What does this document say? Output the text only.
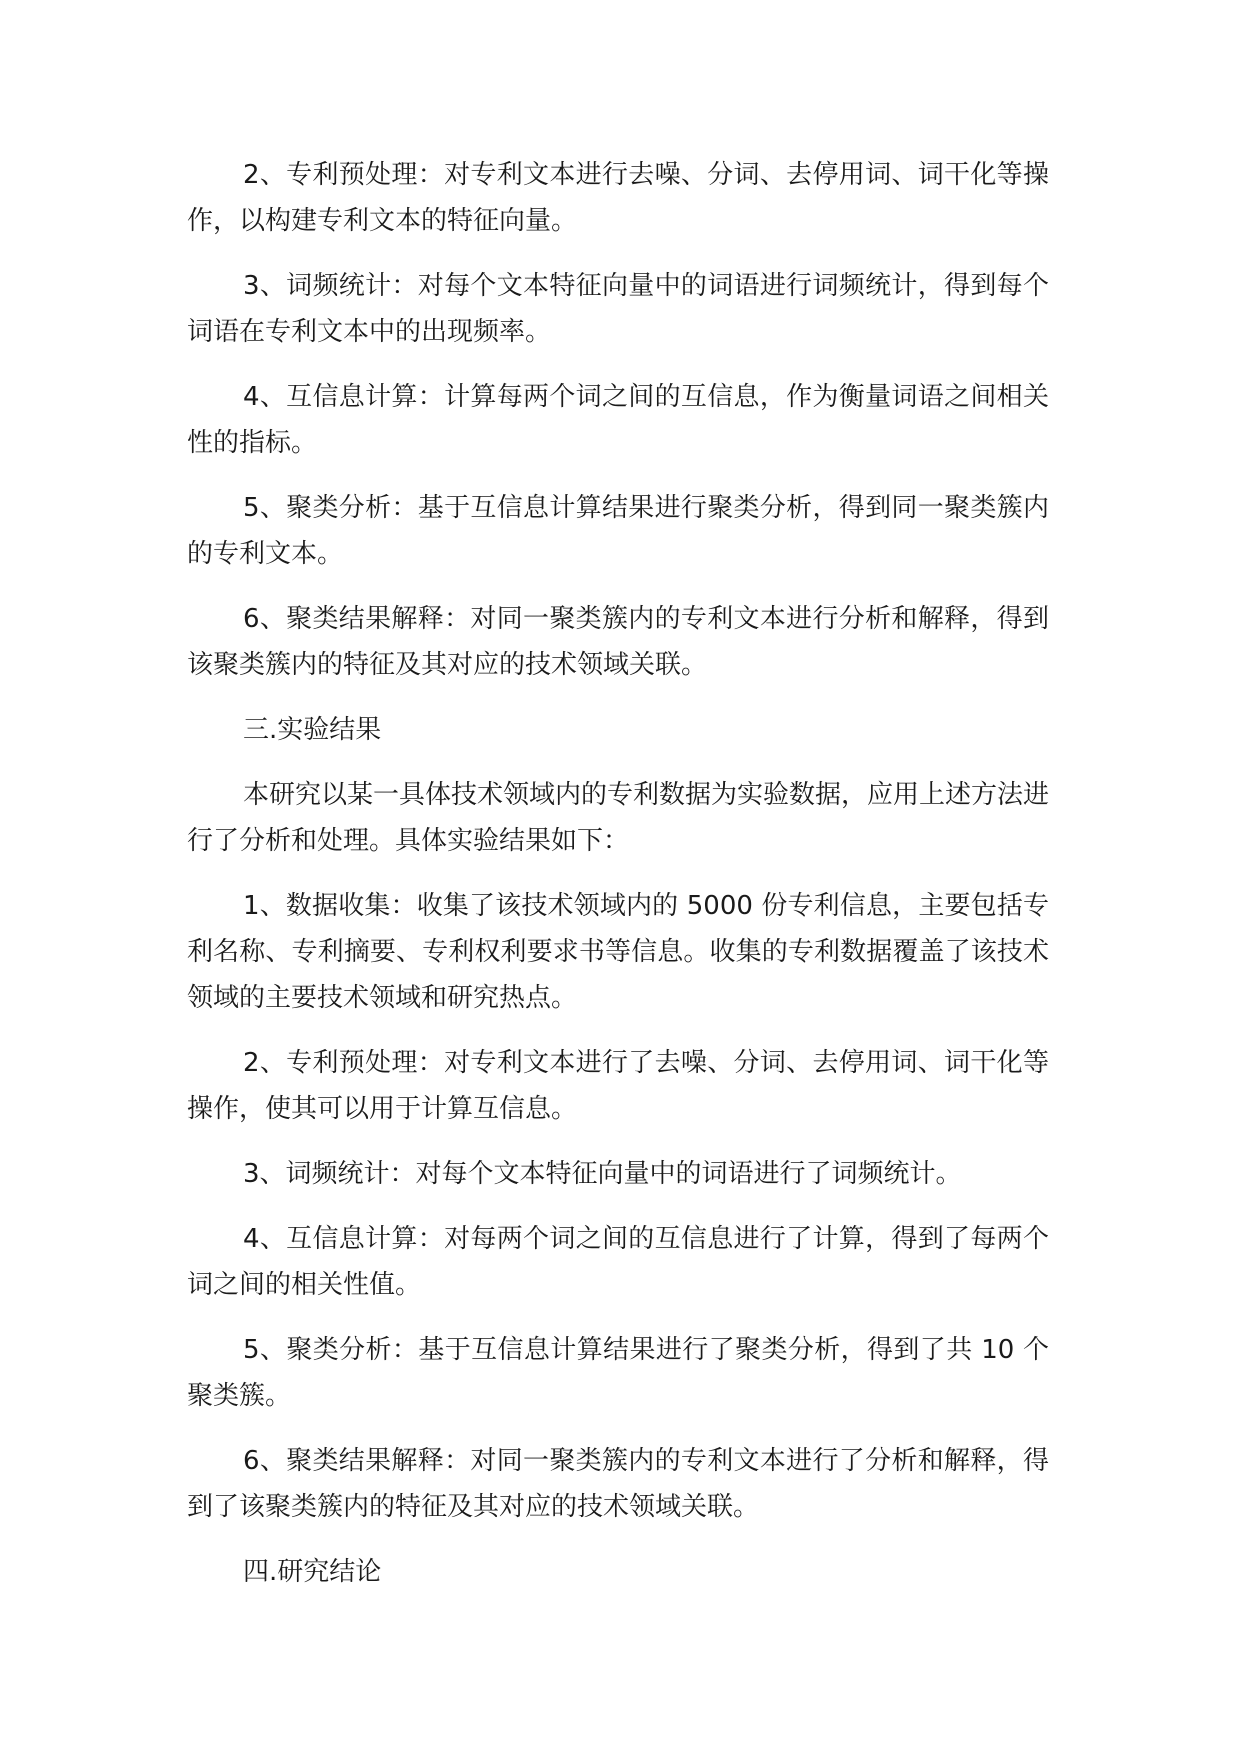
2、专利预处理：对专利文本进行去噪、分词、去停用词、词干化等操作，以构建专利文本的特征向量。

3、词频统计：对每个文本特征向量中的词语进行词频统计，得到每个词语在专利文本中的出现频率。

4、互信息计算：计算每两个词之间的互信息，作为衡量词语之间相关性的指标。

5、聚类分析：基于互信息计算结果进行聚类分析，得到同一聚类簇内的专利文本。

6、聚类结果解释：对同一聚类簇内的专利文本进行分析和解释，得到该聚类簇内的特征及其对应的技术领域关联。

三.实验结果

本研究以某一具体技术领域内的专利数据为实验数据，应用上述方法进行了分析和处理。具体实验结果如下：

1、数据收集：收集了该技术领域内的 5000 份专利信息，主要包括专利名称、专利摘要、专利权利要求书等信息。收集的专利数据覆盖了该技术领域的主要技术领域和研究热点。

2、专利预处理：对专利文本进行了去噪、分词、去停用词、词干化等操作，使其可以用于计算互信息。

3、词频统计：对每个文本特征向量中的词语进行了词频统计。

4、互信息计算：对每两个词之间的互信息进行了计算，得到了每两个词之间的相关性值。

5、聚类分析：基于互信息计算结果进行了聚类分析，得到了共 10 个聚类簇。

6、聚类结果解释：对同一聚类簇内的专利文本进行了分析和解释，得到了该聚类簇内的特征及其对应的技术领域关联。

四.研究结论
